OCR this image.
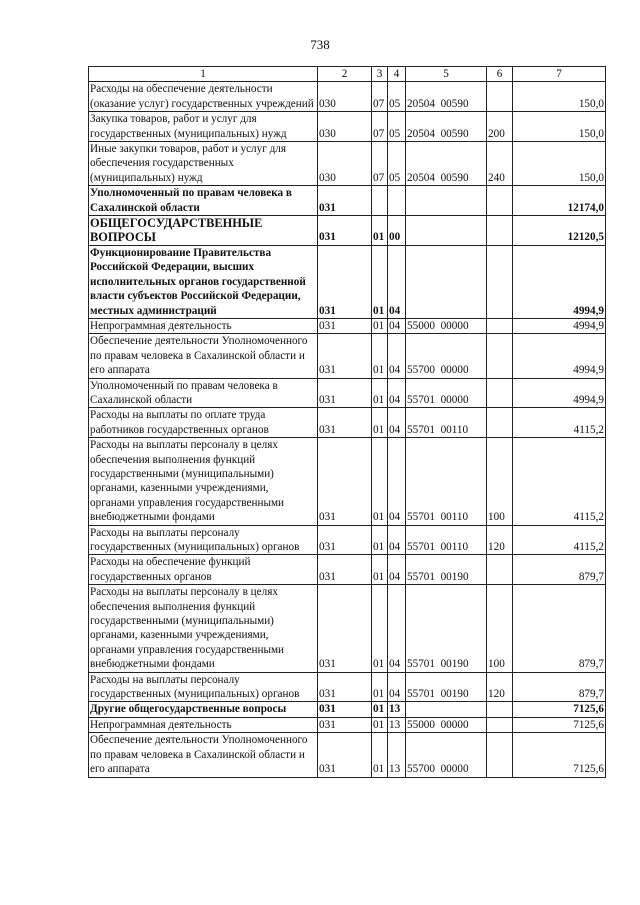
738
1	2	3	4	5	6	7
Расходы на обеспечение деятельности (оказание услуг) государственных учреждений	030	07	05	20504  00590		150,0
Закупка товаров, работ и услуг для государственных (муниципальных) нужд	030	07	05	20504  00590	200	150,0
Иные закупки товаров, работ и услуг для обеспечения государственных (муниципальных) нужд	030	07	05	20504  00590	240	150,0
Уполномоченный по правам человека в Сахалинской области	031					12174,0
ОБЩЕГОСУДАРСТВЕННЫЕ ВОПРОСЫ	031	01	00			12120,5
Функционирование Правительства Российской Федерации, высших исполнительных органов государственной власти субъектов Российской Федерации, местных администраций	031	01	04			4994,9
Непрограммная деятельность	031	01	04	55000  00000		4994,9
Обеспечение деятельности Уполномоченного по правам человека в Сахалинской области и его аппарата	031	01	04	55700  00000		4994,9
Уполномоченный по правам человека в Сахалинской области	031	01	04	55701  00000		4994,9
Расходы на выплаты по оплате труда работников государственных органов	031	01	04	55701  00110		4115,2
Расходы на выплаты персоналу в целях обеспечения выполнения функций государственными (муниципальными) органами, казенными учреждениями, органами управления государственными внебюджетными фондами	031	01	04	55701  00110	100	4115,2
Расходы на выплаты персоналу государственных (муниципальных) органов	031	01	04	55701  00110	120	4115,2
Расходы на обеспечение функций государственных органов	031	01	04	55701  00190		879,7
Расходы на выплаты персоналу в целях обеспечения выполнения функций государственными (муниципальными) органами, казенными учреждениями, органами управления государственными внебюджетными фондами	031	01	04	55701  00190	100	879,7
Расходы на выплаты персоналу государственных (муниципальных) органов	031	01	04	55701  00190	120	879,7
Другие общегосударственные вопросы	031	01	13			7125,6
Непрограммная деятельность	031	01	13	55000  00000		7125,6
Обеспечение деятельности Уполномоченного по правам человека в Сахалинской области и его аппарата	031	01	13	55700  00000		7125,6
